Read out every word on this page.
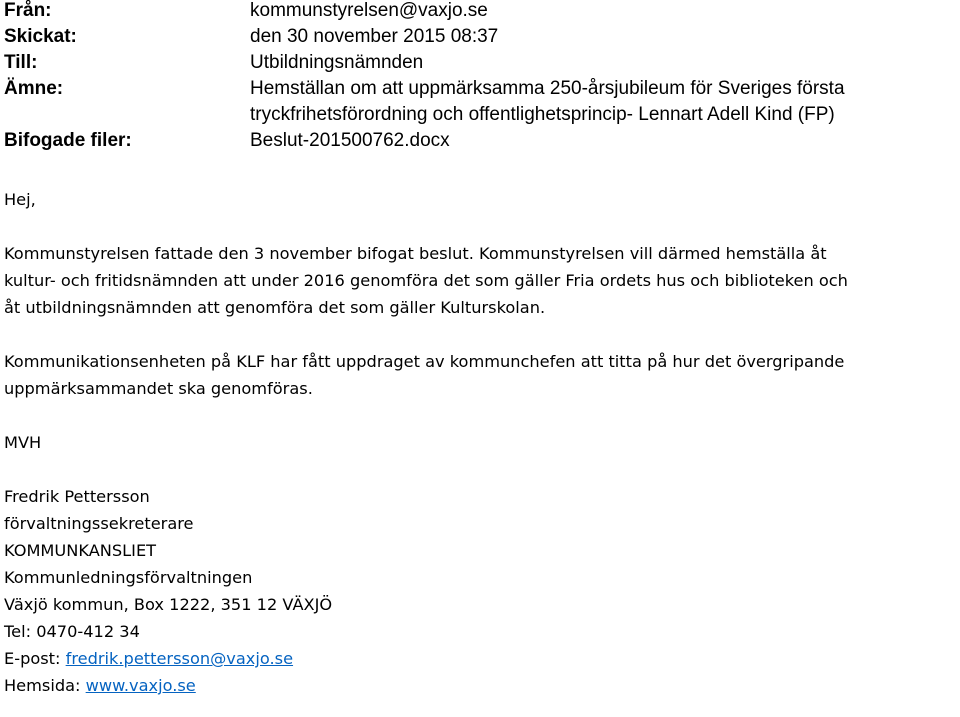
Från:	kommunstyrelsen@vaxjo.se
Skickat:	den 30 november 2015 08:37
Till:	Utbildningsnämnden
Ämne:	Hemställan om att uppmärksamma 250-årsjubileum för Sveriges första
tryckfrihetsförordning och offentlighetsprincip- Lennart Adell Kind (FP)
Bifogade filer:	Beslut-201500762.docx

Hej,

Kommunstyrelsen fattade den 3 november bifogat beslut. Kommunstyrelsen vill därmed hemställa åt
kultur- och fritidsnämnden att under 2016 genomföra det som gäller Fria ordets hus och biblioteken och
åt utbildningsnämnden att genomföra det som gäller Kulturskolan.

Kommunikationsenheten på KLF har fått uppdraget av kommunchefen att titta på hur det övergripande
uppmärksammandet ska genomföras.

MVH

Fredrik Pettersson
förvaltningssekreterare
KOMMUNKANSLIET
Kommunledningsförvaltningen
Växjö kommun, Box 1222, 351 12 VÄXJÖ
Tel: 0470-412 34
E-post: fredrik.pettersson@vaxjo.se
Hemsida: www.vaxjo.se
